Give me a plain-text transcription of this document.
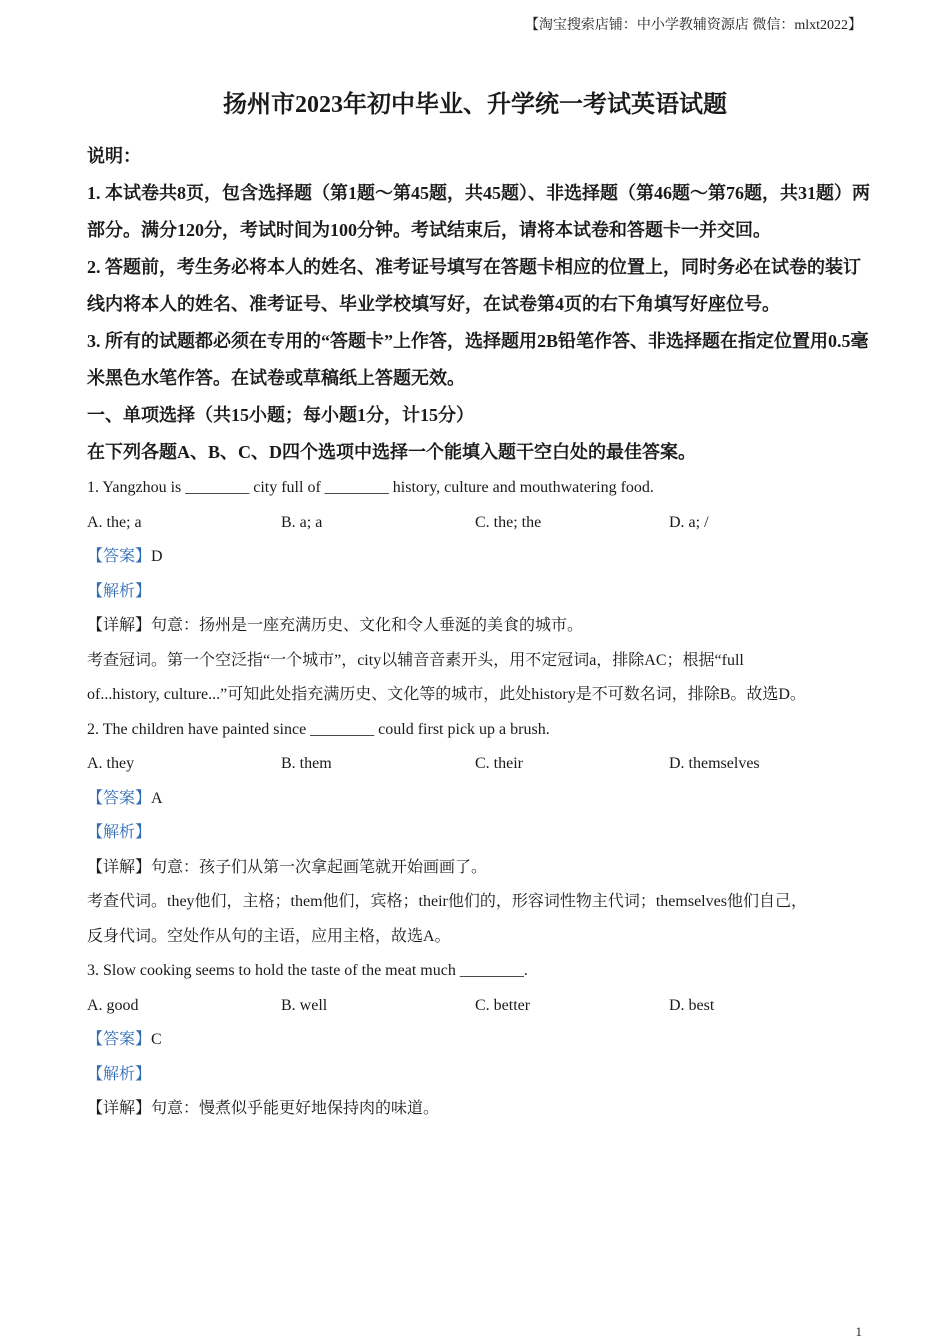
【淘宝搜索店铺：中小学教辅资源店 微信：mlxt2022】
扬州市2023年初中毕业、升学统一考试英语试题
说明：
1. 本试卷共8页，包含选择题（第1题～第45题，共45题）、非选择题（第46题～第76题，共31题）两部分。满分120分，考试时间为100分钟。考试结束后，请将本试卷和答题卡一并交回。
2. 答题前，考生务必将本人的姓名、准考证号填写在答题卡相应的位置上，同时务必在试卷的装订线内将本人的姓名、准考证号、毕业学校填写好，在试卷第4页的右下角填写好座位号。
3. 所有的试题都必须在专用的“答题卡”上作答，选择题用2B铅笔作答、非选择题在指定位置用0.5毫米黑色水笔作答。在试卷或草稿纸上答题无效。
一、单项选择（共15小题；每小题1分，计15分）
在下列各题A、B、C、D四个选项中选择一个能填入题干空白处的最佳答案。
1. Yangzhou is ________ city full of ________ history, culture and mouthwatering food.
A. the; a	B. a; a	C. the; the	D. a; /
【答案】D
【解析】
【详解】句意：扬州是一座充满历史、文化和令人垂涎的美食的城市。
考查冠词。第一个空泛指“一个城市”，city以辅音音素开头，用不定冠词a，排除AC；根据“full
of...history, culture...”可知此处指充满历史、文化等的城市，此处history是不可数名词，排除B。故选D。
2. The children have painted since ________ could first pick up a brush.
A. they	B. them	C. their	D. themselves
【答案】A
【解析】
【详解】句意：孩子们从第一次拿起画笔就开始画画了。
考查代词。they他们，主格；them他们，宾格；their他们的，形容词性物主代词；themselves他们自己，
反身代词。空处作从句的主语，应用主格，故选A。
3. Slow cooking seems to hold the taste of the meat much ________.
A. good	B. well	C. better	D. best
【答案】C
【解析】
【详解】句意：慢煮似乎能更好地保持肉的味道。
1
